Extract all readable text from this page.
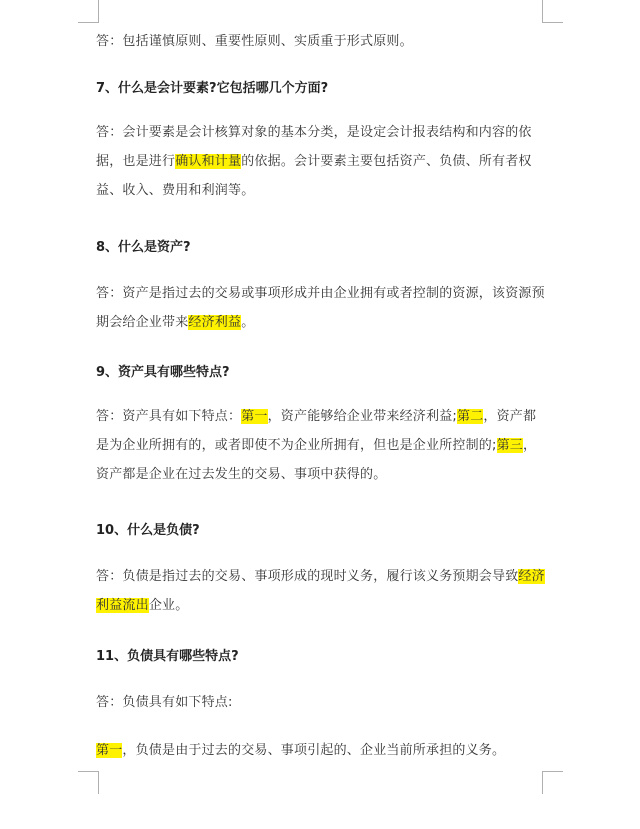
答：包括谨慎原则、重要性原则、实质重于形式原则。

7、什么是会计要素?它包括哪几个方面?

答：会计要素是会计核算对象的基本分类，是设定会计报表结构和内容的依据，也是进行确认和计量的依据。会计要素主要包括资产、负债、所有者权益、收入、费用和利润等。

8、什么是资产?

答：资产是指过去的交易或事项形成并由企业拥有或者控制的资源，该资源预期会给企业带来经济利益。

9、资产具有哪些特点?

答：资产具有如下特点：第一，资产能够给企业带来经济利益;第二，资产都是为企业所拥有的，或者即使不为企业所拥有，但也是企业所控制的;第三，资产都是企业在过去发生的交易、事项中获得的。

10、什么是负债?

答：负债是指过去的交易、事项形成的现时义务，履行该义务预期会导致经济利益流出企业。

11、负债具有哪些特点?

答：负债具有如下特点:

第一，负债是由于过去的交易、事项引起的、企业当前所承担的义务。
